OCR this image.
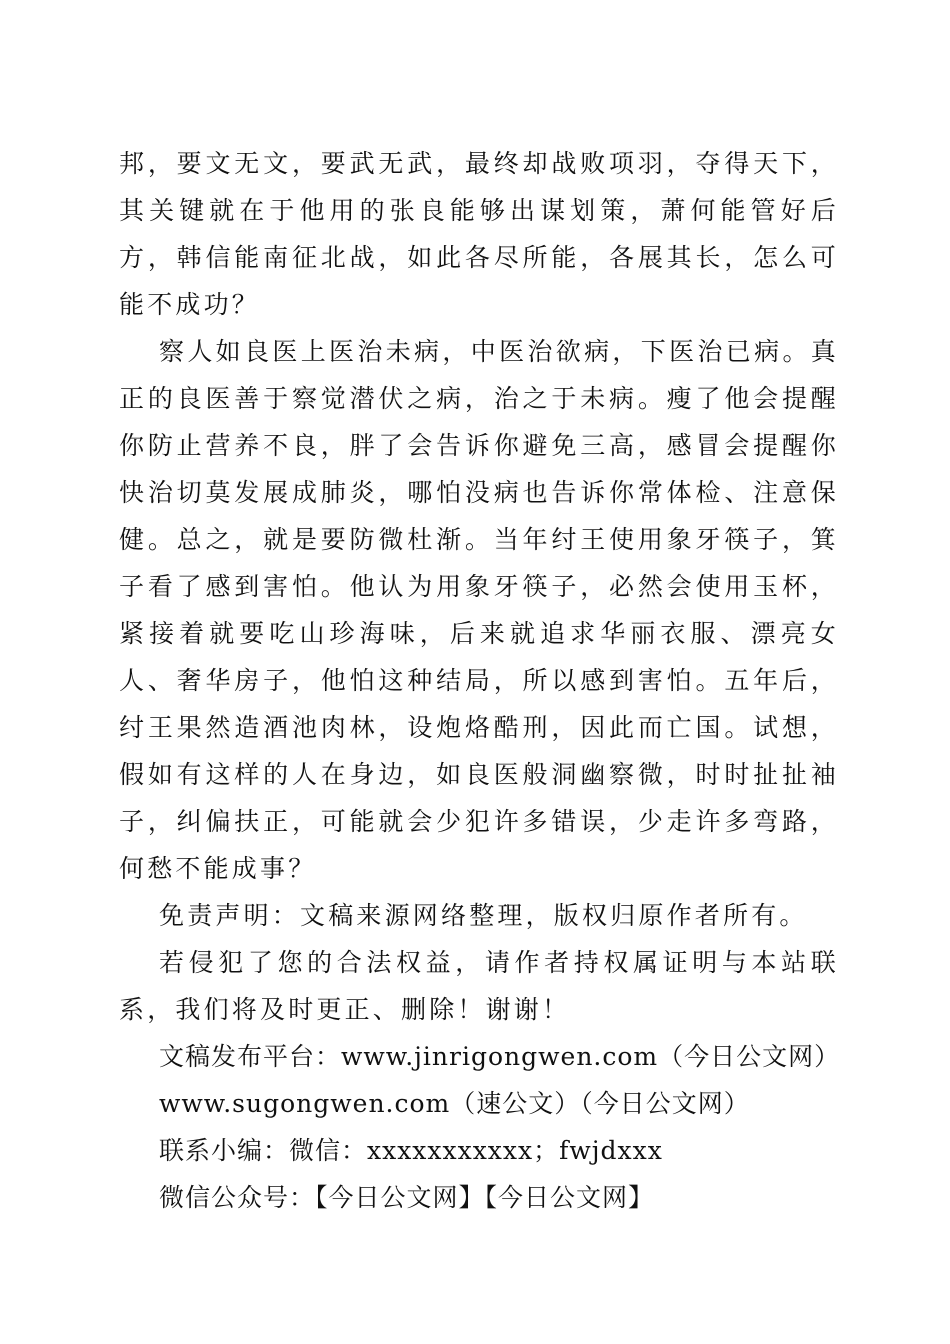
邦，要文无文，要武无武，最终却战败项羽，夺得天下，其关键就在于他用的张良能够出谋划策，萧何能管好后方，韩信能南征北战，如此各尽所能，各展其长，怎么可能不成功？

察人如良医上医治未病，中医治欲病，下医治已病。真正的良医善于察觉潜伏之病，治之于未病。瘦了他会提醒你防止营养不良，胖了会告诉你避免三高，感冒会提醒你快治切莫发展成肺炎，哪怕没病也告诉你常体检、注意保健。总之，就是要防微杜渐。当年纣王使用象牙筷子，箕子看了感到害怕。他认为用象牙筷子，必然会使用玉杯，紧接着就要吃山珍海味，后来就追求华丽衣服、漂亮女人、奢华房子，他怕这种结局，所以感到害怕。五年后，纣王果然造酒池肉林，设炮烙酷刑，因此而亡国。试想，假如有这样的人在身边，如良医般洞幽察微，时时扯扯袖子，纠偏扶正，可能就会少犯许多错误，少走许多弯路，何愁不能成事？

免责声明：文稿来源网络整理，版权归原作者所有。

若侵犯了您的合法权益，请作者持权属证明与本站联系，我们将及时更正、删除！谢谢！

文稿发布平台：www.jinrigongwen.com（今日公文网）

www.sugongwen.com（速公文）（今日公文网）

联系小编：微信：xxxxxxxxxxx；fwjdxxx

微信公众号：【今日公文网】【今日公文网】
